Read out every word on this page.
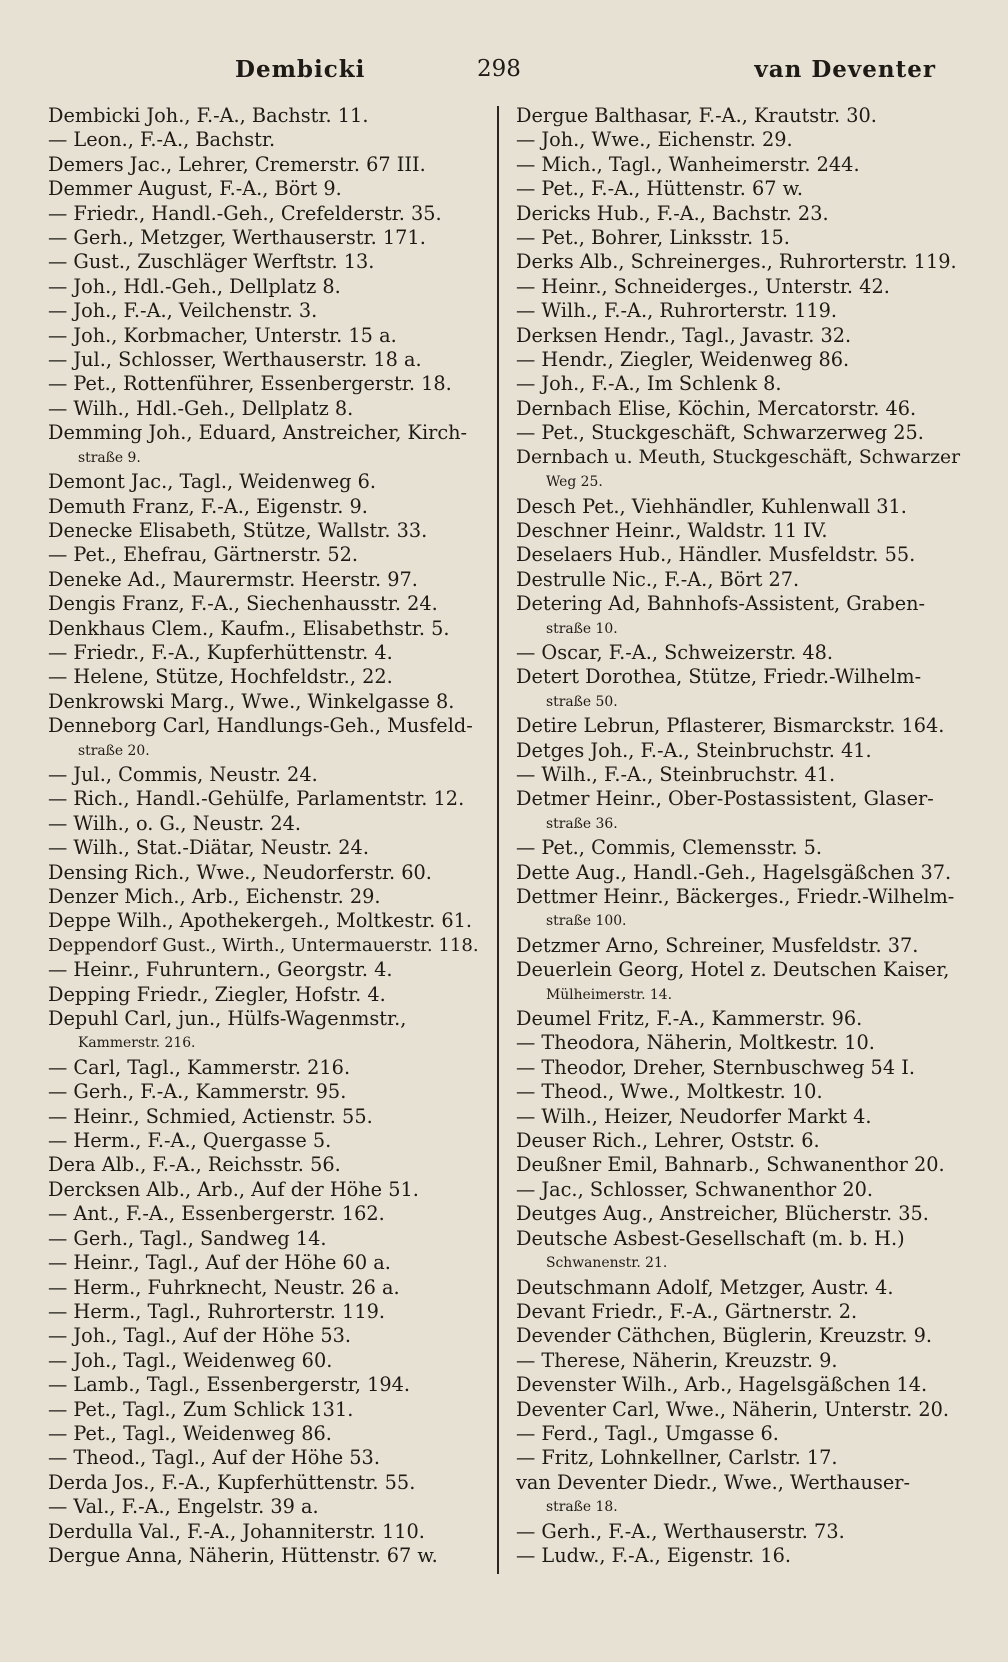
Dembicki	298	van Deventer
Dembicki Joh., F.-A., Bachstr. 11.
— Leon., F.-A., Bachstr.
Demers Jac., Lehrer, Cremerstr. 67 III.
Demmer August, F.-A., Bört 9.
— Friedr., Handl.-Geh., Crefelderstr. 35.
— Gerh., Metzger, Werthauserstr. 171.
— Gust., Zuschläger Werftstr. 13.
— Joh., Hdl.-Geh., Dellplatz 8.
— Joh., F.-A., Veilchenstr. 3.
— Joh., Korbmacher, Unterstr. 15 a.
— Jul., Schlosser, Werthauserstr. 18 a.
— Pet., Rottenführer, Essenbergerstr. 18.
— Wilh., Hdl.-Geh., Dellplatz 8.
Demming Joh., Eduard, Anstreicher, Kirch-
straße 9.
Demont Jac., Tagl., Weidenweg 6.
Demuth Franz, F.-A., Eigenstr. 9.
Denecke Elisabeth, Stütze, Wallstr. 33.
— Pet., Ehefrau, Gärtnerstr. 52.
Deneke Ad., Maurermstr. Heerstr. 97.
Dengis Franz, F.-A., Siechenhausstr. 24.
Denkhaus Clem., Kaufm., Elisabethstr. 5.
— Friedr., F.-A., Kupferhüttenstr. 4.
— Helene, Stütze, Hochfeldstr., 22.
Denkrowski Marg., Wwe., Winkelgasse 8.
Denneborg Carl, Handlungs-Geh., Musfeld-
straße 20.
— Jul., Commis, Neustr. 24.
— Rich., Handl.-Gehülfe, Parlamentstr. 12.
— Wilh., o. G., Neustr. 24.
— Wilh., Stat.-Diätar, Neustr. 24.
Densing Rich., Wwe., Neudorferstr. 60.
Denzer Mich., Arb., Eichenstr. 29.
Deppe Wilh., Apothekergeh., Moltkestr. 61.
Deppendorf Gust., Wirth., Untermauerstr. 118.
— Heinr., Fuhruntern., Georgstr. 4.
Depping Friedr., Ziegler, Hofstr. 4.
Depuhl Carl, jun., Hülfs-Wagenmstr.,
Kammerstr. 216.
— Carl, Tagl., Kammerstr. 216.
— Gerh., F.-A., Kammerstr. 95.
— Heinr., Schmied, Actienstr. 55.
— Herm., F.-A., Quergasse 5.
Dera Alb., F.-A., Reichsstr. 56.
Dercksen Alb., Arb., Auf der Höhe 51.
— Ant., F.-A., Essenbergerstr. 162.
— Gerh., Tagl., Sandweg 14.
— Heinr., Tagl., Auf der Höhe 60 a.
— Herm., Fuhrknecht, Neustr. 26 a.
— Herm., Tagl., Ruhrorterstr. 119.
— Joh., Tagl., Auf der Höhe 53.
— Joh., Tagl., Weidenweg 60.
— Lamb., Tagl., Essenbergerstr, 194.
— Pet., Tagl., Zum Schlick 131.
— Pet., Tagl., Weidenweg 86.
— Theod., Tagl., Auf der Höhe 53.
Derda Jos., F.-A., Kupferhüttenstr. 55.
— Val., F.-A., Engelstr. 39 a.
Derdulla Val., F.-A., Johanniterstr. 110.
Dergue Anna, Näherin, Hüttenstr. 67 w.
Dergue Balthasar, F.-A., Krautstr. 30.
— Joh., Wwe., Eichenstr. 29.
— Mich., Tagl., Wanheimerstr. 244.
— Pet., F.-A., Hüttenstr. 67 w.
Dericks Hub., F.-A., Bachstr. 23.
— Pet., Bohrer, Linksstr. 15.
Derks Alb., Schreinerges., Ruhrorterstr. 119.
— Heinr., Schneiderges., Unterstr. 42.
— Wilh., F.-A., Ruhrorterstr. 119.
Derksen Hendr., Tagl., Javastr. 32.
— Hendr., Ziegler, Weidenweg 86.
— Joh., F.-A., Im Schlenk 8.
Dernbach Elise, Köchin, Mercatorstr. 46.
— Pet., Stuckgeschäft, Schwarzerweg 25.
Dernbach u. Meuth, Stuckgeschäft, Schwarzer
Weg 25.
Desch Pet., Viehhändler, Kuhlenwall 31.
Deschner Heinr., Waldstr. 11 IV.
Deselaers Hub., Händler. Musfeldstr. 55.
Destrulle Nic., F.-A., Bört 27.
Detering Ad, Bahnhofs-Assistent, Graben-
straße 10.
— Oscar, F.-A., Schweizerstr. 48.
Detert Dorothea, Stütze, Friedr.-Wilhelm-
straße 50.
Detire Lebrun, Pflasterer, Bismarckstr. 164.
Detges Joh., F.-A., Steinbruchstr. 41.
— Wilh., F.-A., Steinbruchstr. 41.
Detmer Heinr., Ober-Postassistent, Glaser-
straße 36.
— Pet., Commis, Clemensstr. 5.
Dette Aug., Handl.-Geh., Hagelsgäßchen 37.
Dettmer Heinr., Bäckerges., Friedr.-Wilhelm-
straße 100.
Detzmer Arno, Schreiner, Musfeldstr. 37.
Deuerlein Georg, Hotel z. Deutschen Kaiser,
Mülheimerstr. 14.
Deumel Fritz, F.-A., Kammerstr. 96.
— Theodora, Näherin, Moltkestr. 10.
— Theodor, Dreher, Sternbuschweg 54 I.
— Theod., Wwe., Moltkestr. 10.
— Wilh., Heizer, Neudorfer Markt 4.
Deuser Rich., Lehrer, Oststr. 6.
Deußner Emil, Bahnarb., Schwanenthor 20.
— Jac., Schlosser, Schwanenthor 20.
Deutges Aug., Anstreicher, Blücherstr. 35.
Deutsche Asbest-Gesellschaft (m. b. H.)
Schwanenstr. 21.
Deutschmann Adolf, Metzger, Austr. 4.
Devant Friedr., F.-A., Gärtnerstr. 2.
Devender Cäthchen, Büglerin, Kreuzstr. 9.
— Therese, Näherin, Kreuzstr. 9.
Devenster Wilh., Arb., Hagelsgäßchen 14.
Deventer Carl, Wwe., Näherin, Unterstr. 20.
— Ferd., Tagl., Umgasse 6.
— Fritz, Lohnkellner, Carlstr. 17.
van Deventer Diedr., Wwe., Werthauser-
straße 18.
— Gerh., F.-A., Werthauserstr. 73.
— Ludw., F.-A., Eigenstr. 16.
